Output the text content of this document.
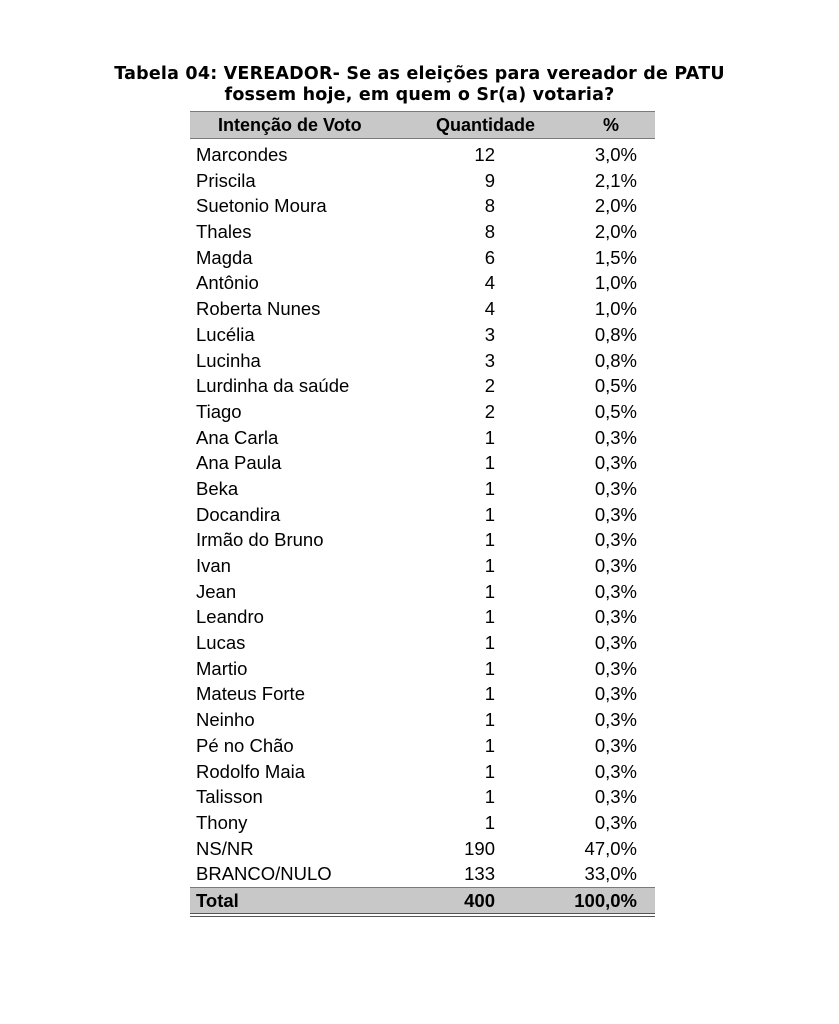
Tabela 04: VEREADOR- Se as eleições para vereador de PATU
fossem hoje, em quem o Sr(a) votaria?
Intenção de Voto	Quantidade	%
Marcondes	12	3,0%
Priscila	9	2,1%
Suetonio Moura	8	2,0%
Thales	8	2,0%
Magda	6	1,5%
Antônio	4	1,0%
Roberta Nunes	4	1,0%
Lucélia	3	0,8%
Lucinha	3	0,8%
Lurdinha da saúde	2	0,5%
Tiago	2	0,5%
Ana Carla	1	0,3%
Ana Paula	1	0,3%
Beka	1	0,3%
Docandira	1	0,3%
Irmão do Bruno	1	0,3%
Ivan	1	0,3%
Jean	1	0,3%
Leandro	1	0,3%
Lucas	1	0,3%
Martio	1	0,3%
Mateus Forte	1	0,3%
Neinho	1	0,3%
Pé no Chão	1	0,3%
Rodolfo Maia	1	0,3%
Talisson	1	0,3%
Thony	1	0,3%
NS/NR	190	47,0%
BRANCO/NULO	133	33,0%
Total	400	100,0%
